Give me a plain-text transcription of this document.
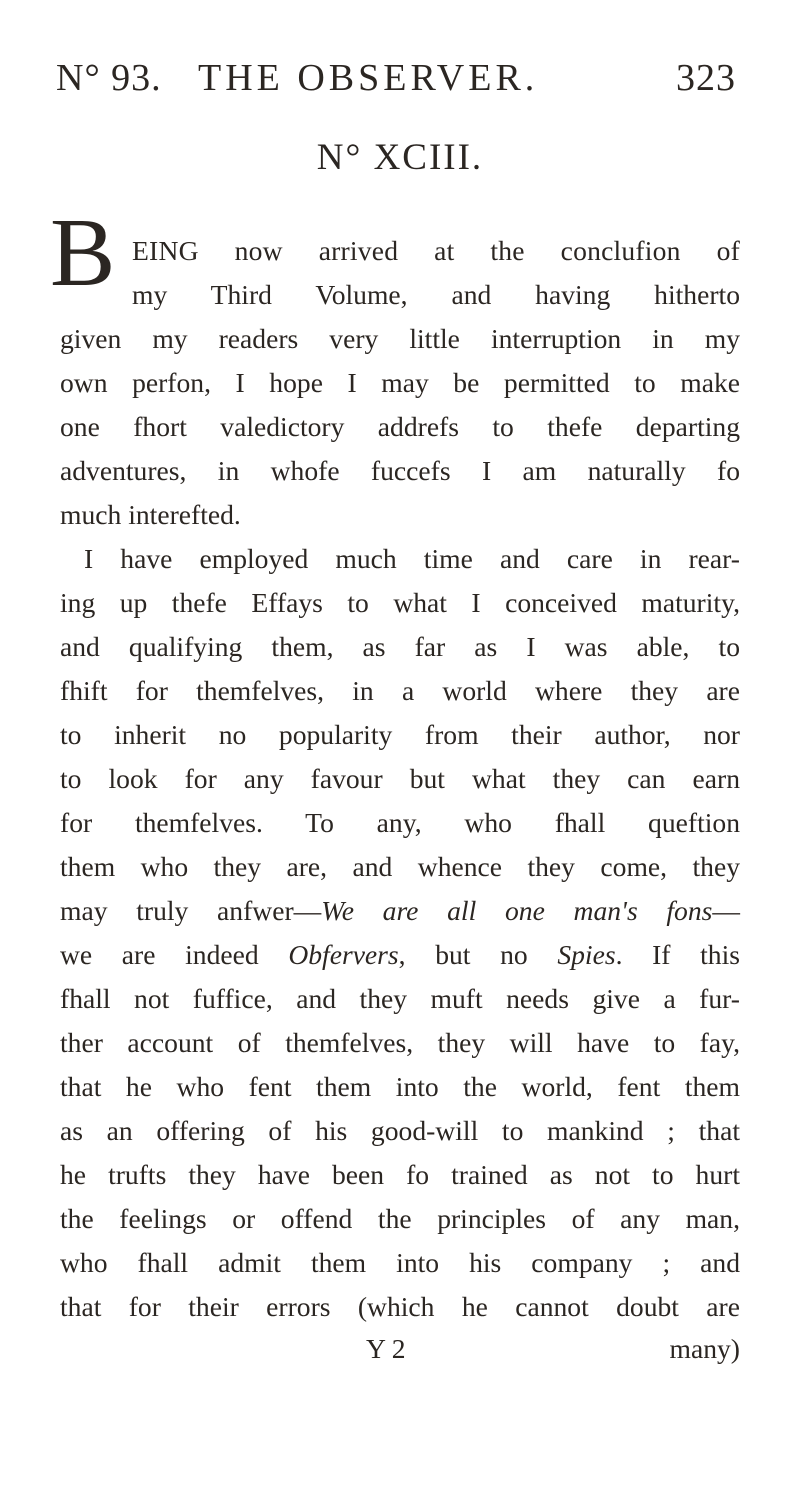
N° 93. THE OBSERVER.	323
N° XCIII.
B EING now arrived at the conclufion of
my Third Volume, and having hitherto
given my readers very little interruption in my
own perfon, I hope I may be permitted to make
one fhort valedictory addrefs to thefe departing
adventures, in whofe fuccefs I am naturally fo
much interefted.
I have employed much time and care in rear-
ing up thefe Effays to what I conceived maturity,
and qualifying them, as far as I was able, to
fhift for themfelves, in a world where they are
to inherit no popularity from their author, nor
to look for any favour but what they can earn
for themfelves. To any, who fhall queftion
them who they are, and whence they come, they
may truly anfwer—We are all one man's fons—
we are indeed Obfervers, but no Spies. If this
fhall not fuffice, and they muft needs give a fur-
ther account of themfelves, they will have to fay,
that he who fent them into the world, fent them
as an offering of his good-will to mankind ; that
he trufts they have been fo trained as not to hurt
the feelings or offend the principles of any man,
who fhall admit them into his company ; and
that for their errors (which he cannot doubt are
Y 2	many)
